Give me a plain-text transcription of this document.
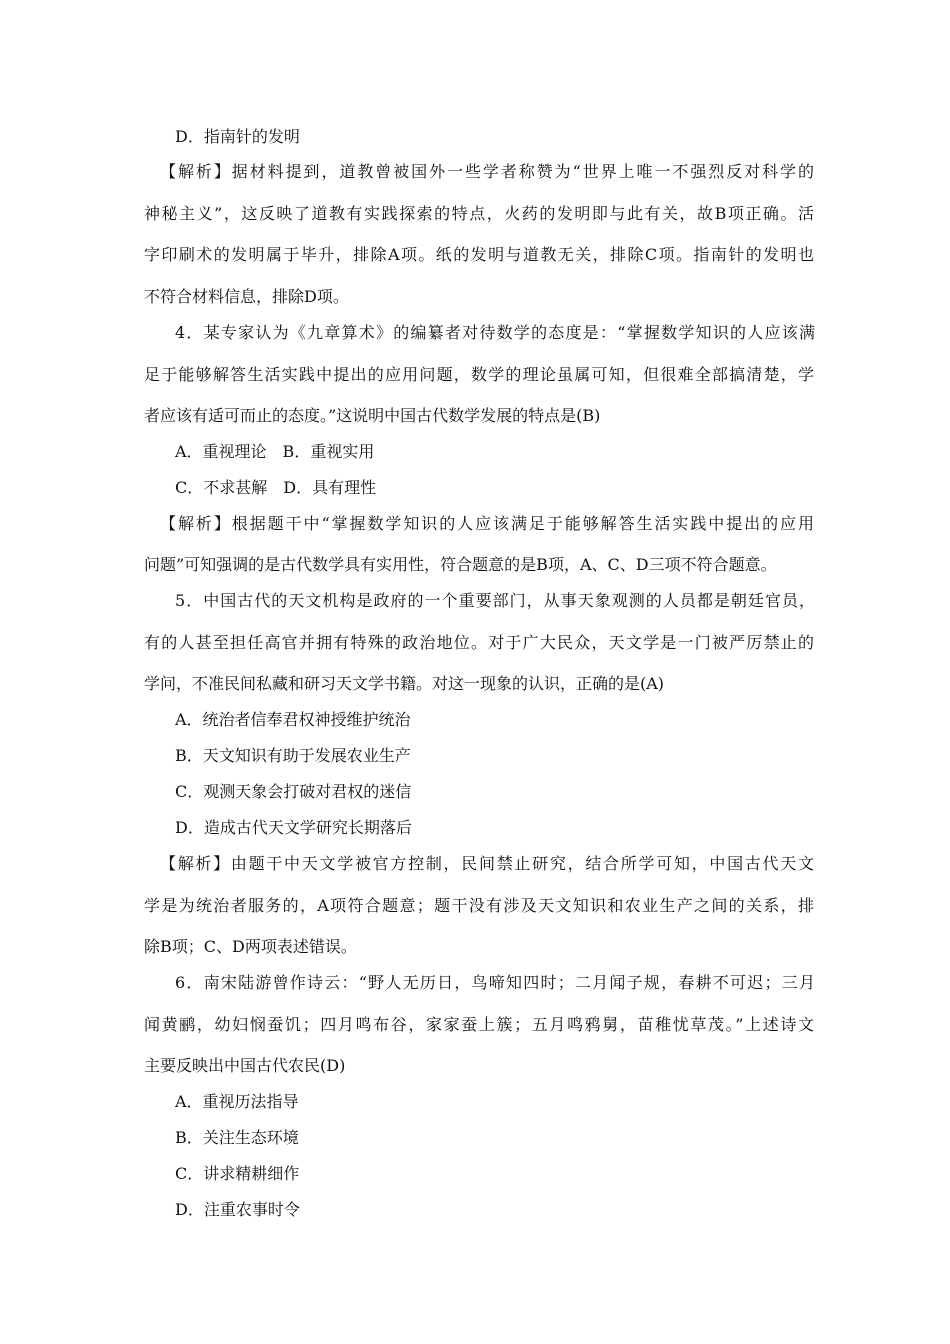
D．指南针的发明
【解析】据材料提到，道教曾被国外一些学者称赞为“世界上唯一不强烈反对科学的
神秘主义”，这反映了道教有实践探索的特点，火药的发明即与此有关，故B项正确。活
字印刷术的发明属于毕升，排除A项。纸的发明与道教无关，排除C项。指南针的发明也
不符合材料信息，排除D项。
4．某专家认为《九章算术》的编纂者对待数学的态度是：“掌握数学知识的人应该满
足于能够解答生活实践中提出的应用问题，数学的理论虽属可知，但很难全部搞清楚，学
者应该有适可而止的态度。”这说明中国古代数学发展的特点是(B)
A．重视理论　B．重视实用
C．不求甚解　D．具有理性
【解析】根据题干中“掌握数学知识的人应该满足于能够解答生活实践中提出的应用
问题”可知强调的是古代数学具有实用性，符合题意的是B项，A、C、D三项不符合题意。
5．中国古代的天文机构是政府的一个重要部门，从事天象观测的人员都是朝廷官员，
有的人甚至担任高官并拥有特殊的政治地位。对于广大民众，天文学是一门被严厉禁止的
学问，不准民间私藏和研习天文学书籍。对这一现象的认识，正确的是(A)
A．统治者信奉君权神授维护统治
B．天文知识有助于发展农业生产
C．观测天象会打破对君权的迷信
D．造成古代天文学研究长期落后
【解析】由题干中天文学被官方控制，民间禁止研究，结合所学可知，中国古代天文
学是为统治者服务的，A项符合题意；题干没有涉及天文知识和农业生产之间的关系，排
除B项；C、D两项表述错误。
6．南宋陆游曾作诗云：“野人无历日，鸟啼知四时；二月闻子规，春耕不可迟；三月
闻黄鹂，幼妇悯蚕饥；四月鸣布谷，家家蚕上簇；五月鸣鸦舅，苗稚忧草茂。”上述诗文
主要反映出中国古代农民(D)
A．重视历法指导
B．关注生态环境
C．讲求精耕细作
D．注重农事时令
